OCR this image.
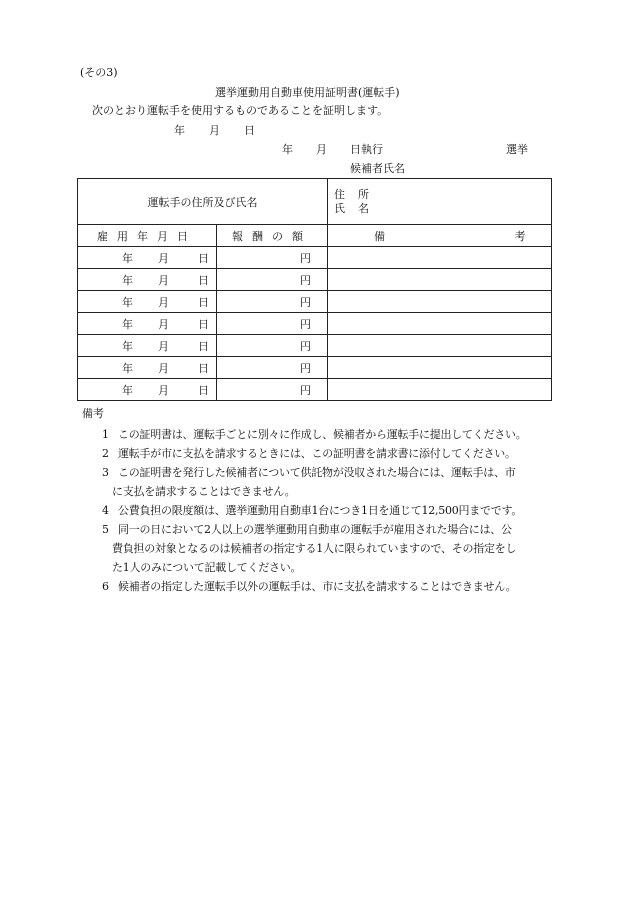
(その3)
選挙運動用自動車使用証明書(運転手)
次のとおり運転手を使用するものであることを証明します。
年 月 日
年 月 日執行	選挙
候補者氏名
運転手の住所及び氏名		住 所
氏 名

雇用年月日	報酬の額	備 考
年 月 日	円	
年 月 日	円	
年 月 日	円	
年 月 日	円	
年 月 日	円	
年 月 日	円	
年 月 日	円	
備考
1 この証明書は、運転手ごとに別々に作成し、候補者から運転手に提出してください。
2 運転手が市に支払を請求するときには、この証明書を請求書に添付してください。
3 この証明書を発行した候補者について供託物が没収された場合には、運転手は、市
に支払を請求することはできません。
4 公費負担の限度額は、選挙運動用自動車1台につき1日を通じて12,500円までです。
5 同一の日において2人以上の選挙運動用自動車の運転手が雇用された場合には、公
費負担の対象となるのは候補者の指定する1人に限られていますので、その指定をし
た1人のみについて記載してください。
6 候補者の指定した運転手以外の運転手は、市に支払を請求することはできません。
